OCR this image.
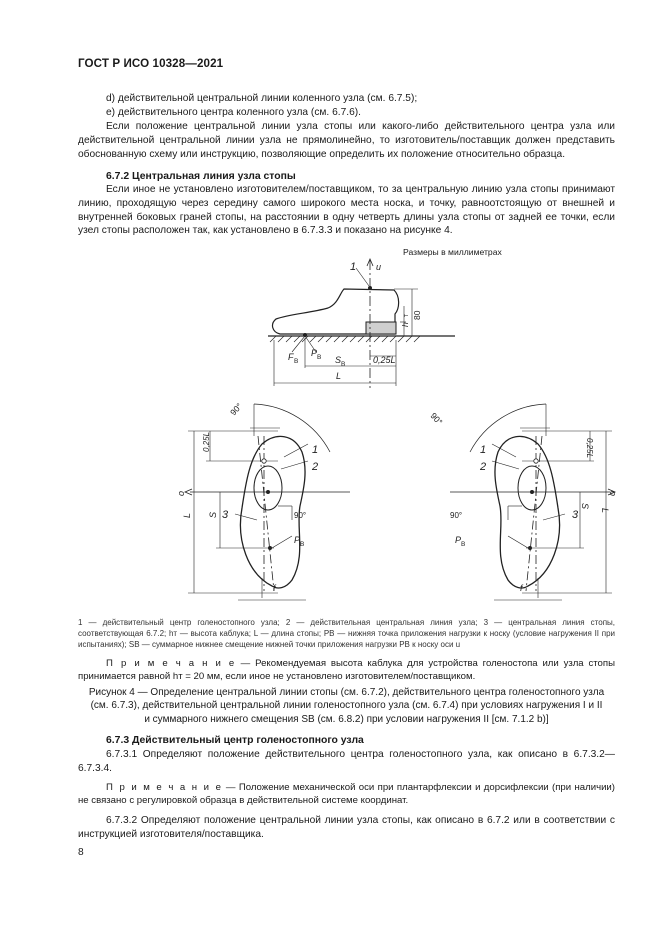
ГОСТ Р ИСО 10328—2021
d) действительной центральной линии коленного узла (см. 6.7.5);
e) действительного центра коленного узла (см. 6.7.6).
Если положение центральной линии узла стопы или какого-либо действительного центра узла или действительной центральной линии узла не прямолинейно, то изготовитель/поставщик должен представить обоснованную схему или инструкцию, позволяющие определить их положение относительно образца.
6.7.2 Центральная линия узла стопы
Если иное не установлено изготовителем/поставщиком, то за центральную линию узла стопы принимают линию, проходящую через середину самого широкого места носка, и точку, равноотстоящую от внешней и внутренней боковых граней стопы, на расстоянии в одну четверть длины узла стопы от задней ее точки, если узел стопы расположен так, как установлено в 6.7.3.3 и показано на рисунке 4.
Размеры в миллиметрах
1 u
80
h
т
F B
P B S B	0,25L
L
90°
1
2
3
o
L
0,25L
S	90°
P B
f
90°
1
2
3
90°
P B
f
o
L
0,25L
S
1 — действительный центр голеностопного узла; 2 — действительная центральная линия узла; 3 — центральная линия стопы, соответствующая 6.7.2; hт — высота каблука; L — длина стопы; PB — нижняя точка приложения нагрузки к носку (условие нагружения II при испытаниях); SB — суммарное нижнее смещение нижней точки приложения нагрузки PB к носку оси u
П р и м е ч а н и е — Рекомендуемая высота каблука для устройства голеностопа или узла стопы принимается равной hт = 20 мм, если иное не установлено изготовителем/поставщиком.
Рисунок 4 — Определение центральной линии стопы (см. 6.7.2), действительного центра голеностопного узла
(см. 6.7.3), действительной центральной линии голеностопного узла (см. 6.7.4) при условиях нагружения I и II
и суммарного нижнего смещения SB (см. 6.8.2) при условии нагружения II [см. 7.1.2 b)]
6.7.3 Действительный центр голеностопного узла
6.7.3.1 Определяют положение действительного центра голеностопного узла, как описано в 6.7.3.2—6.7.3.4.
П р и м е ч а н и е — Положение механической оси при плантарфлексии и дорсифлексии (при наличии) не связано с регулировкой образца в действительной системе координат.
6.7.3.2 Определяют положение центральной линии узла стопы, как описано в 6.7.2 или в соответствии с инструкцией изготовителя/поставщика.
8
